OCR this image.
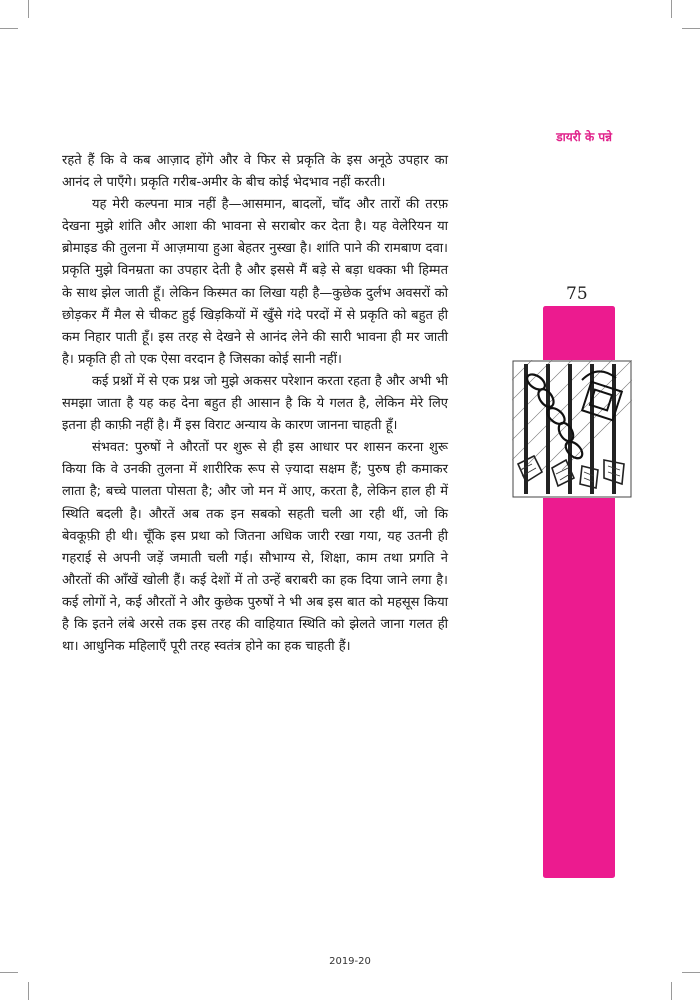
डायरी के पन्ने
75

रहते हैं कि वे कब आज़ाद होंगे और वे फिर से प्रकृति के इस अनूठे उपहार का आनंद ले पाएँगे। प्रकृति गरीब-अमीर के बीच कोई भेदभाव नहीं करती।

यह मेरी कल्पना मात्र नहीं है—आसमान, बादलों, चाँद और तारों की तरफ़ देखना मुझे शांति और आशा की भावना से सराबोर कर देता है। यह वेलेरियन या ब्रोमाइड की तुलना में आज़माया हुआ बेहतर नुस्खा है। शांति पाने की रामबाण दवा। प्रकृति मुझे विनम्रता का उपहार देती है और इससे मैं बड़े से बड़ा धक्का भी हिम्मत के साथ झेल जाती हूँ। लेकिन किस्मत का लिखा यही है—कुछेक दुर्लभ अवसरों को छोड़कर मैं मैल से चीकट हुई खिड़कियों में खुँसे गंदे परदों में से प्रकृति को बहुत ही कम निहार पाती हूँ। इस तरह से देखने से आनंद लेने की सारी भावना ही मर जाती है। प्रकृति ही तो एक ऐसा वरदान है जिसका कोई सानी नहीं।

कई प्रश्नों में से एक प्रश्न जो मुझे अकसर परेशान करता रहता है और अभी भी समझा जाता है यह कह देना बहुत ही आसान है कि ये गलत है, लेकिन मेरे लिए इतना ही काफ़ी नहीं है। मैं इस विराट अन्याय के कारण जानना चाहती हूँ।

संभवत: पुरुषों ने औरतों पर शुरू से ही इस आधार पर शासन करना शुरू किया कि वे उनकी तुलना में शारीरिक रूप से ज़्यादा सक्षम हैं; पुरुष ही कमाकर लाता है; बच्चे पालता पोसता है; और जो मन में आए, करता है, लेकिन हाल ही में स्थिति बदली है। औरतें अब तक इन सबको सहती चली आ रही थीं, जो कि बेवकूफ़ी ही थी। चूँकि इस प्रथा को जितना अधिक जारी रखा गया, यह उतनी ही गहराई से अपनी जड़ें जमाती चली गई। सौभाग्य से, शिक्षा, काम तथा प्रगति ने औरतों की आँखें खोली हैं। कई देशों में तो उन्हें बराबरी का हक दिया जाने लगा है। कई लोगों ने, कई औरतों ने और कुछेक पुरुषों ने भी अब इस बात को महसूस किया है कि इतने लंबे अरसे तक इस तरह की वाहियात स्थिति को झेलते जाना गलत ही था। आधुनिक महिलाएँ पूरी तरह स्वतंत्र होने का हक चाहती हैं।

2019-20
